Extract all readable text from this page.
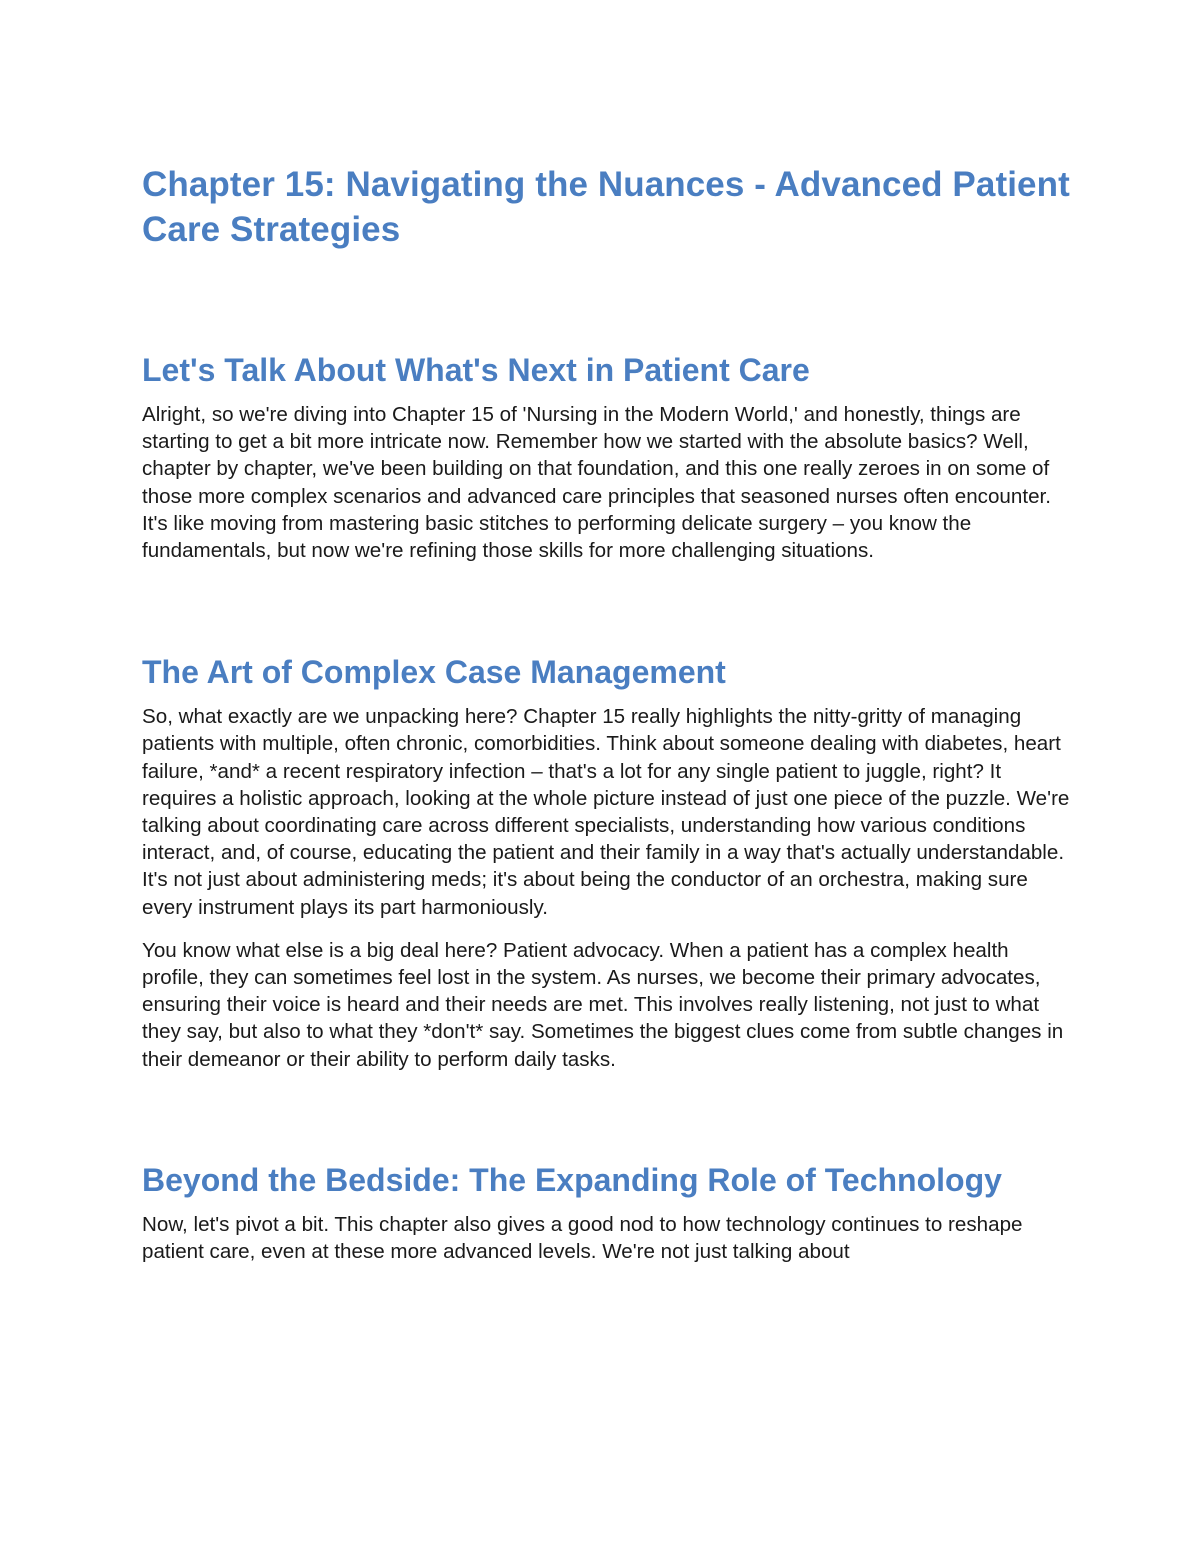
Chapter 15: Navigating the Nuances - Advanced Patient Care Strategies
Let's Talk About What's Next in Patient Care

Alright, so we're diving into Chapter 15 of 'Nursing in the Modern World,' and honestly, things are starting to get a bit more intricate now. Remember how we started with the absolute basics? Well, chapter by chapter, we've been building on that foundation, and this one really zeroes in on some of those more complex scenarios and advanced care principles that seasoned nurses often encounter. It's like moving from mastering basic stitches to performing delicate surgery – you know the fundamentals, but now we're refining those skills for more challenging situations.

The Art of Complex Case Management

So, what exactly are we unpacking here? Chapter 15 really highlights the nitty-gritty of managing patients with multiple, often chronic, comorbidities. Think about someone dealing with diabetes, heart failure, *and* a recent respiratory infection – that's a lot for any single patient to juggle, right? It requires a holistic approach, looking at the whole picture instead of just one piece of the puzzle. We're talking about coordinating care across different specialists, understanding how various conditions interact, and, of course, educating the patient and their family in a way that's actually understandable. It's not just about administering meds; it's about being the conductor of an orchestra, making sure every instrument plays its part harmoniously.

You know what else is a big deal here? Patient advocacy. When a patient has a complex health profile, they can sometimes feel lost in the system. As nurses, we become their primary advocates, ensuring their voice is heard and their needs are met. This involves really listening, not just to what they say, but also to what they *don't* say. Sometimes the biggest clues come from subtle changes in their demeanor or their ability to perform daily tasks.

Beyond the Bedside: The Expanding Role of Technology

Now, let's pivot a bit. This chapter also gives a good nod to how technology continues to reshape patient care, even at these more advanced levels. We're not just talking about
